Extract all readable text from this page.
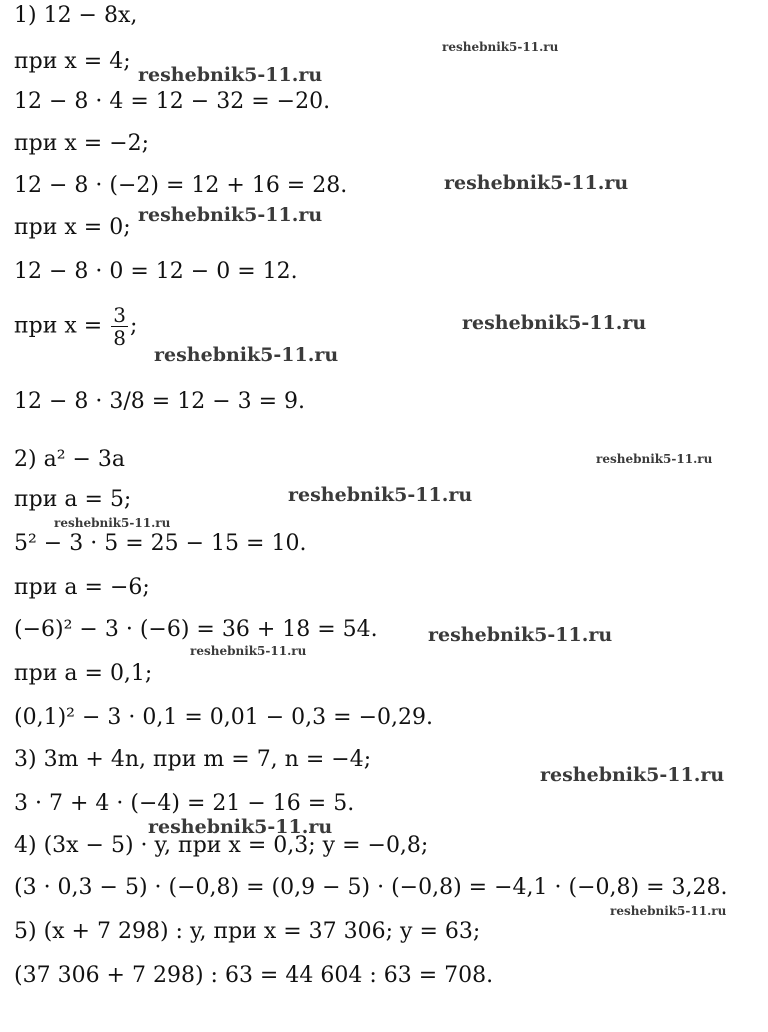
1) 12 − 8x,
при x = 4;
12 − 8 · 4 = 12 − 32 = −20.
при x = −2;
12 − 8 · (−2) = 12 + 16 = 28.
при x = 0;
12 − 8 · 0 = 12 − 0 = 12.
при $x = \frac{3}{8}$ ;
12 − 8 · 3/8 = 12 − 3 = 9.
2) a² − 3a
при a = 5;
5² − 3 · 5 = 25 − 15 = 10.
при a = −6;
(−6)² − 3 · (−6) = 36 + 18 = 54.
при a = 0,1;
(0,1)² − 3 · 0,1 = 0,01 − 0,3 = −0,29.
3) 3m + 4n, при m = 7, n = −4;
3 · 7 + 4 · (−4) = 21 − 16 = 5.
4) (3x − 5) · y, при x = 0,3; y = −0,8;
(3 · 0,3 − 5) · (−0,8) = (0,9 − 5) · (−0,8) = −4,1 · (−0,8) = 3,28.
5) (x + 7 298) : y, при x = 37 306; y = 63;
(37 306 + 7 298) : 63 = 44 604 : 63 = 708.
reshebnik5-11.ru
reshebnik5-11.ru
reshebnik5-11.ru
reshebnik5-11.ru
reshebnik5-11.ru
reshebnik5-11.ru
reshebnik5-11.ru
reshebnik5-11.ru
reshebnik5-11.ru
reshebnik5-11.ru
reshebnik5-11.ru
reshebnik5-11.ru
reshebnik5-11.ru
reshebnik5-11.ru
